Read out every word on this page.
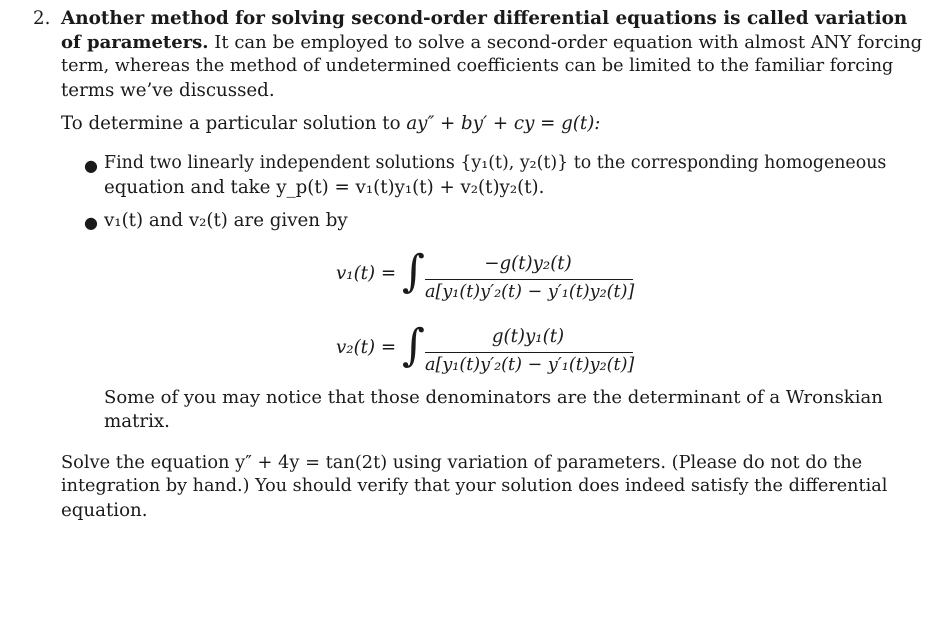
2. Another method for solving second-order differential equations is called variation
of parameters. It can be employed to solve a second-order equation with almost ANY forcing
term, whereas the method of undetermined coefficients can be limited to the familiar forcing
terms we’ve discussed.
To determine a particular solution to ay″ + by′ + cy = g(t):
● Find two linearly independent solutions {y₁(t), y₂(t)} to the corresponding homogeneous
equation and take y_p(t) = v₁(t)y₁(t) + v₂(t)y₂(t).
● v₁(t) and v₂(t) are given by
v₁(t) = ∫	−g(t)y₂(t)
a[y₁(t)y′₂(t) − y′₁(t)y₂(t)]
v₂(t) = ∫	g(t)y₁(t)
a[y₁(t)y′₂(t) − y′₁(t)y₂(t)]
Some of you may notice that those denominators are the determinant of a Wronskian
matrix.
Solve the equation y″ + 4y = tan(2t) using variation of parameters. (Please do not do the
integration by hand.) You should verify that your solution does indeed satisfy the differential
equation.
